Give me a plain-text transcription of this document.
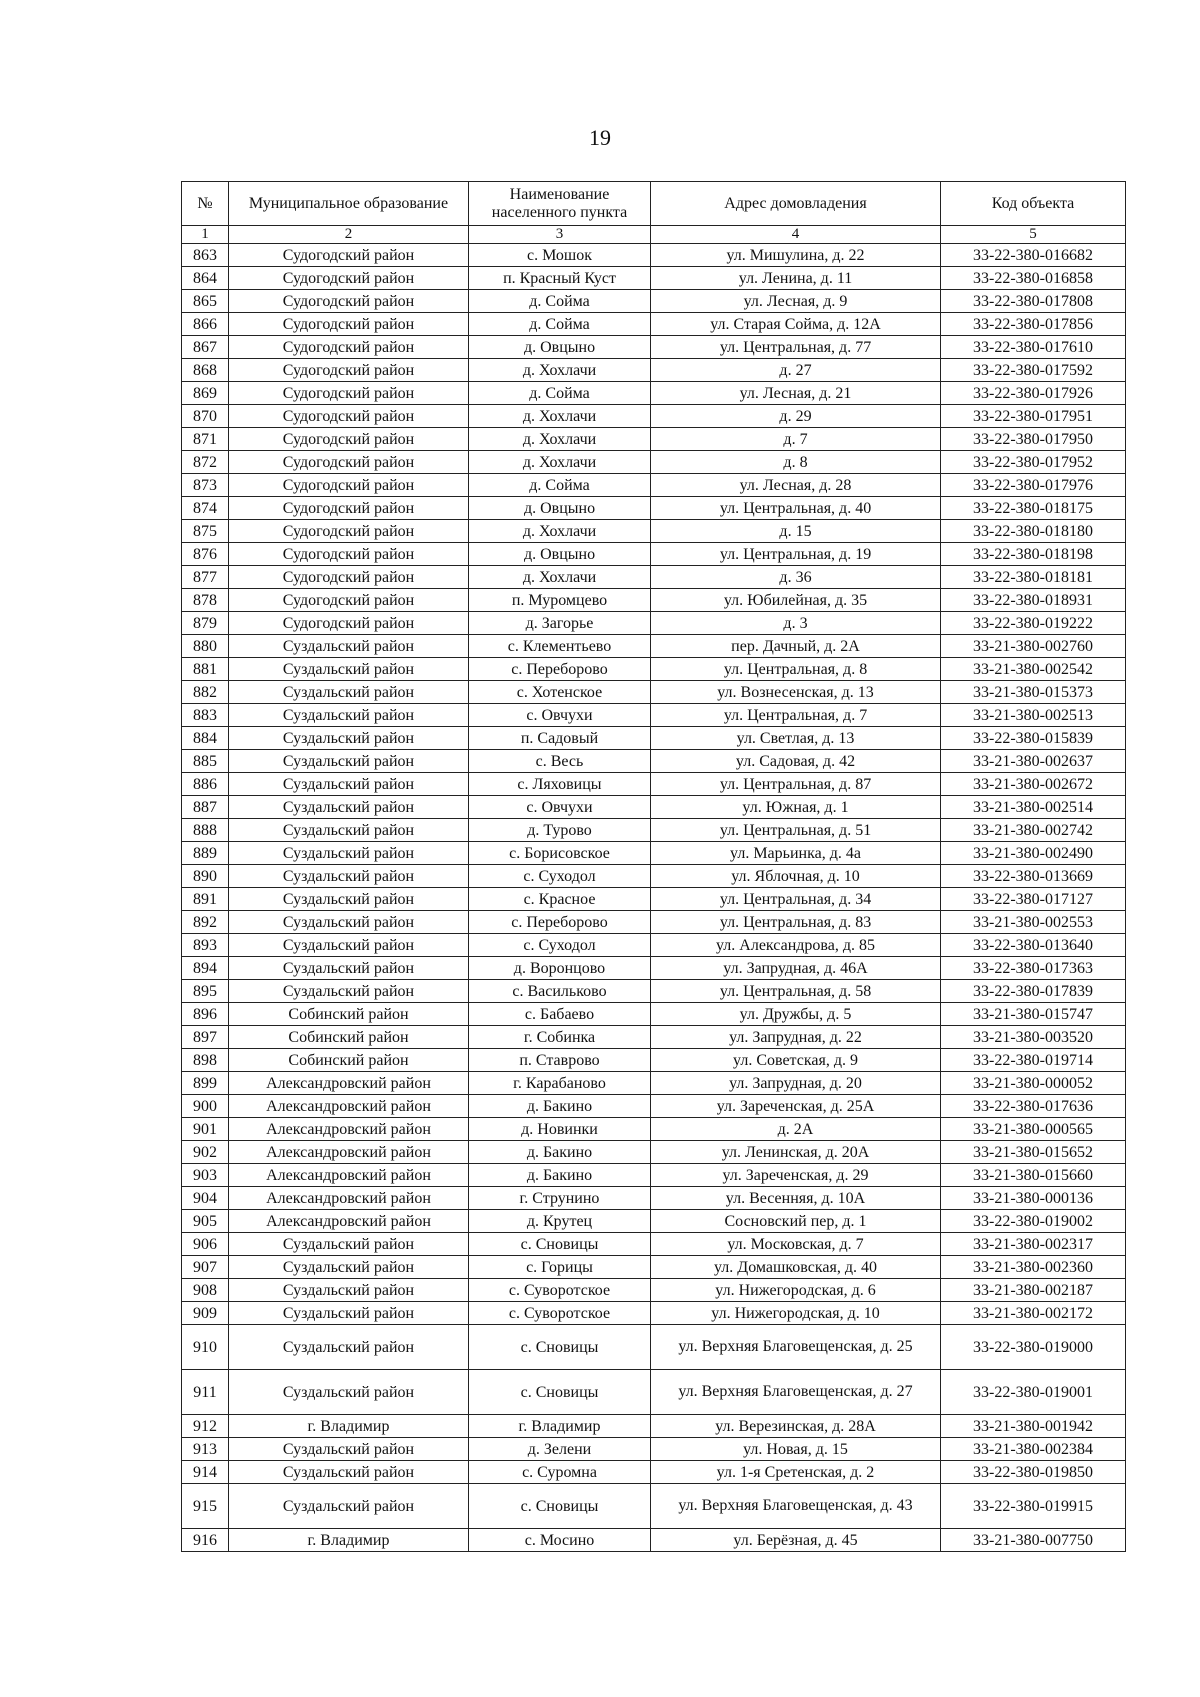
19
№	Муниципальное образование	Наименование населенного пункта	Адрес домовладения	Код объекта
1	2	3	4	5
863	Судогодский район	с. Мошок	ул. Мишулина, д. 22	33-22-380-016682
864	Судогодский район	п. Красный Куст	ул. Ленина, д. 11	33-22-380-016858
865	Судогодский район	д. Сойма	ул. Лесная, д. 9	33-22-380-017808
866	Судогодский район	д. Сойма	ул. Старая Сойма, д. 12А	33-22-380-017856
867	Судогодский район	д. Овцыно	ул. Центральная, д. 77	33-22-380-017610
868	Судогодский район	д. Хохлачи	д. 27	33-22-380-017592
869	Судогодский район	д. Сойма	ул. Лесная, д. 21	33-22-380-017926
870	Судогодский район	д. Хохлачи	д. 29	33-22-380-017951
871	Судогодский район	д. Хохлачи	д. 7	33-22-380-017950
872	Судогодский район	д. Хохлачи	д. 8	33-22-380-017952
873	Судогодский район	д. Сойма	ул. Лесная, д. 28	33-22-380-017976
874	Судогодский район	д. Овцыно	ул. Центральная, д. 40	33-22-380-018175
875	Судогодский район	д. Хохлачи	д. 15	33-22-380-018180
876	Судогодский район	д. Овцыно	ул. Центральная, д. 19	33-22-380-018198
877	Судогодский район	д. Хохлачи	д. 36	33-22-380-018181
878	Судогодский район	п. Муромцево	ул. Юбилейная, д. 35	33-22-380-018931
879	Судогодский район	д. Загорье	д. 3	33-22-380-019222
880	Суздальский район	с. Клементьево	пер. Дачный, д. 2А	33-21-380-002760
881	Суздальский район	с. Переборово	ул. Центральная, д. 8	33-21-380-002542
882	Суздальский район	с. Хотенское	ул. Вознесенская, д. 13	33-21-380-015373
883	Суздальский район	с. Овчухи	ул. Центральная, д. 7	33-21-380-002513
884	Суздальский район	п. Садовый	ул. Светлая, д. 13	33-22-380-015839
885	Суздальский район	с. Весь	ул. Садовая, д. 42	33-21-380-002637
886	Суздальский район	с. Ляховицы	ул. Центральная, д. 87	33-21-380-002672
887	Суздальский район	с. Овчухи	ул. Южная, д. 1	33-21-380-002514
888	Суздальский район	д. Турово	ул. Центральная, д. 51	33-21-380-002742
889	Суздальский район	с. Борисовское	ул. Марьинка, д. 4а	33-21-380-002490
890	Суздальский район	с. Суходол	ул. Яблочная, д. 10	33-22-380-013669
891	Суздальский район	с. Красное	ул. Центральная, д. 34	33-22-380-017127
892	Суздальский район	с. Переборово	ул. Центральная, д. 83	33-21-380-002553
893	Суздальский район	с. Суходол	ул. Александрова, д. 85	33-22-380-013640
894	Суздальский район	д. Воронцово	ул. Запрудная, д. 46А	33-22-380-017363
895	Суздальский район	с. Васильково	ул. Центральная, д. 58	33-22-380-017839
896	Собинский район	с. Бабаево	ул. Дружбы, д. 5	33-21-380-015747
897	Собинский район	г. Собинка	ул. Запрудная, д. 22	33-21-380-003520
898	Собинский район	п. Ставрово	ул. Советская, д. 9	33-22-380-019714
899	Александровский район	г. Карабаново	ул. Запрудная, д. 20	33-21-380-000052
900	Александровский район	д. Бакино	ул. Зареченская, д. 25А	33-22-380-017636
901	Александровский район	д. Новинки	д. 2А	33-21-380-000565
902	Александровский район	д. Бакино	ул. Ленинская, д. 20А	33-21-380-015652
903	Александровский район	д. Бакино	ул. Зареченская, д. 29	33-21-380-015660
904	Александровский район	г. Струнино	ул. Весенняя, д. 10А	33-21-380-000136
905	Александровский район	д. Крутец	Сосновский пер, д. 1	33-22-380-019002
906	Суздальский район	с. Сновицы	ул. Московская, д. 7	33-21-380-002317
907	Суздальский район	с. Горицы	ул. Домашковская, д. 40	33-21-380-002360
908	Суздальский район	с. Суворотское	ул. Нижегородская, д. 6	33-21-380-002187
909	Суздальский район	с. Суворотское	ул. Нижегородская, д. 10	33-21-380-002172
910	Суздальский район	с. Сновицы	ул. Верхняя Благовещенская, д. 25	33-22-380-019000
911	Суздальский район	с. Сновицы	ул. Верхняя Благовещенская, д. 27	33-22-380-019001
912	г. Владимир	г. Владимир	ул. Верезинская, д. 28А	33-21-380-001942
913	Суздальский район	д. Зелени	ул. Новая, д. 15	33-21-380-002384
914	Суздальский район	с. Суромна	ул. 1-я Сретенская, д. 2	33-22-380-019850
915	Суздальский район	с. Сновицы	ул. Верхняя Благовещенская, д. 43	33-22-380-019915
916	г. Владимир	с. Мосино	ул. Берёзная, д. 45	33-21-380-007750
